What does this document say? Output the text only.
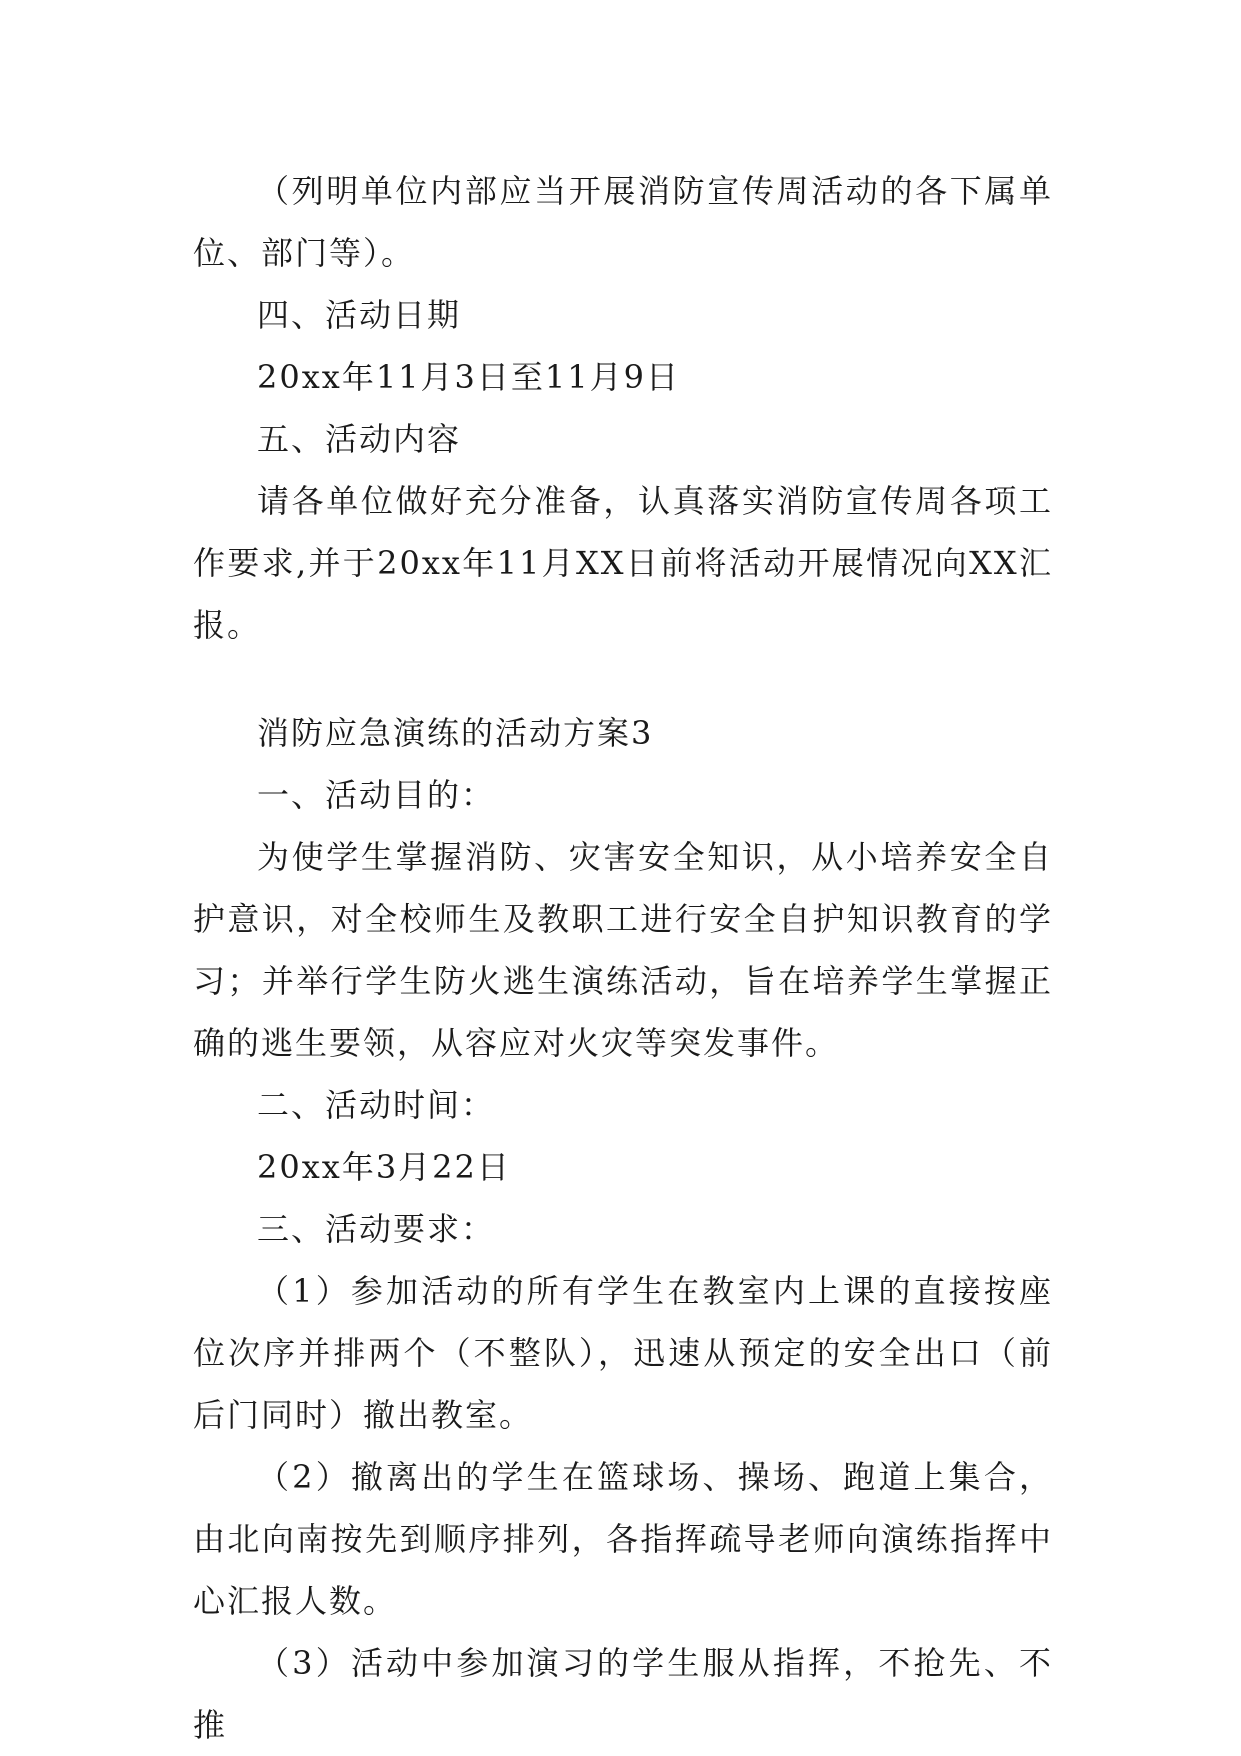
（列明单位内部应当开展消防宣传周活动的各下属单位、部门等）。

四、活动日期

20xx年11月3日至11月9日

五、活动内容

请各单位做好充分准备，认真落实消防宣传周各项工作要求,并于20xx年11月XX日前将活动开展情况向XX汇报。

消防应急演练的活动方案3

一、活动目的：

为使学生掌握消防、灾害安全知识，从小培养安全自护意识，对全校师生及教职工进行安全自护知识教育的学习；并举行学生防火逃生演练活动，旨在培养学生掌握正确的逃生要领，从容应对火灾等突发事件。

二、活动时间：

20xx年3月22日

三、活动要求：

（1）参加活动的所有学生在教室内上课的直接按座位次序并排两个（不整队），迅速从预定的安全出口（前后门同时）撤出教室。

（2）撤离出的学生在篮球场、操场、跑道上集合，由北向南按先到顺序排列，各指挥疏导老师向演练指挥中心汇报人数。

（3）活动中参加演习的学生服从指挥，不抢先、不推
